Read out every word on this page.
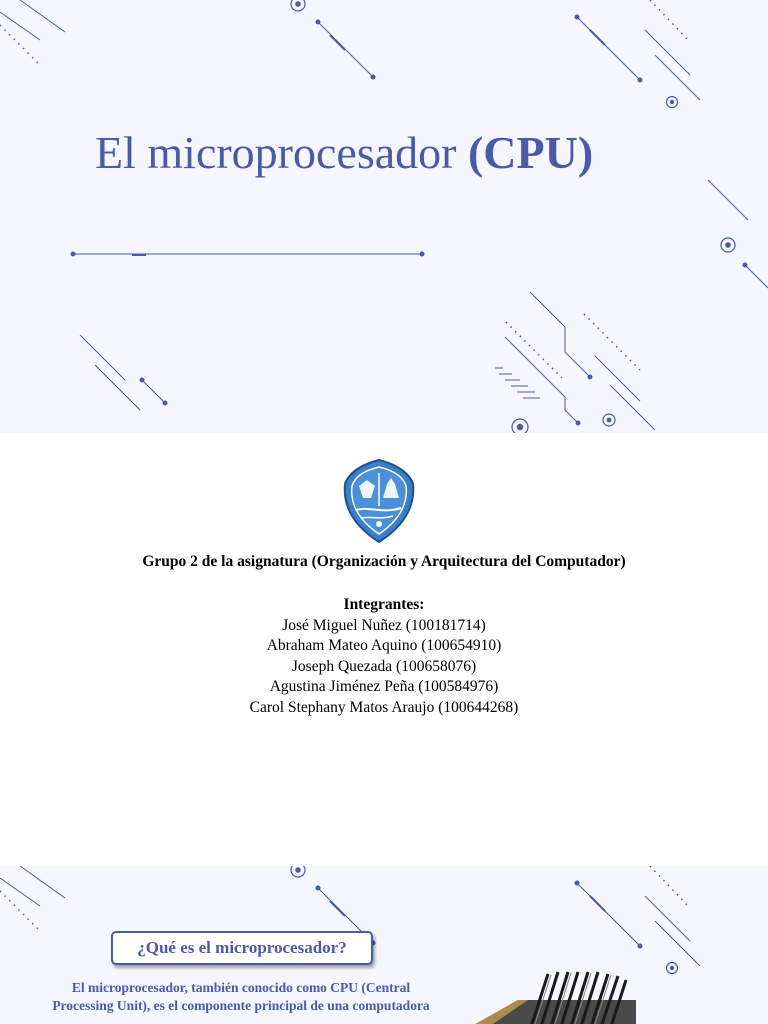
El microprocesador (CPU)
Grupo 2 de la asignatura (Organización y Arquitectura del Computador)
Integrantes:
José Miguel Nuñez (100181714)
Abraham Mateo Aquino (100654910)
Joseph Quezada (100658076)
Agustina Jiménez Peña (100584976)
Carol Stephany Matos Araujo (100644268)
¿Qué es el microprocesador?
El microprocesador, también conocido como CPU (Central Processing Unit), es el componente principal de una computadora
